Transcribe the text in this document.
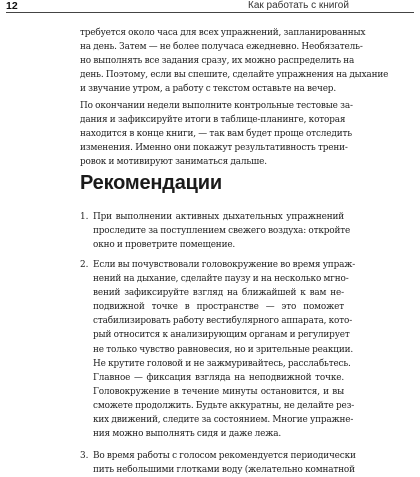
12	Как работать с книгой

требуется около часа для всех упражнений, запланированных
на день. Затем — не более получаса ежедневно. Необязатель-
но выполнять все задания сразу, их можно распределить на
день. Поэтому, если вы спешите, сделайте упражнения на дыхание
и звучание утром, а работу с текстом оставьте на вечер.

По окончании недели выполните контрольные тестовые за-
дания и зафиксируйте итоги в таблице-планинге, которая
находится в конце книги, — так вам будет проще отследить
изменения. Именно они покажут результативность трени-
ровок и мотивируют заниматься дальше.

Рекомендации
1. При выполнении активных дыхательных упражнений
проследите за поступлением свежего воздуха: откройте
окно и проветрите помещение.
2. Если вы почувствовали головокружение во время упраж-
нений на дыхание, сделайте паузу и на несколько мгно-
вений зафиксируйте взгляд на ближайшей к вам не-
подвижной точке в пространстве — это поможет
стабилизировать работу вестибулярного аппарата, кото-
рый относится к анализирующим органам и регулирует
не только чувство равновесия, но и зрительные реакции.
Не крутите головой и не зажмуривайтесь, расслабьтесь.
Главное — фиксация взгляда на неподвижной точке.
Головокружение в течение минуты остановится, и вы
сможете продолжить. Будьте аккуратны, не делайте рез-
ких движений, следите за состоянием. Многие упражне-
ния можно выполнять сидя и даже лежа.
3. Во время работы с голосом рекомендуется периодически
пить небольшими глотками воду (желательно комнатной
